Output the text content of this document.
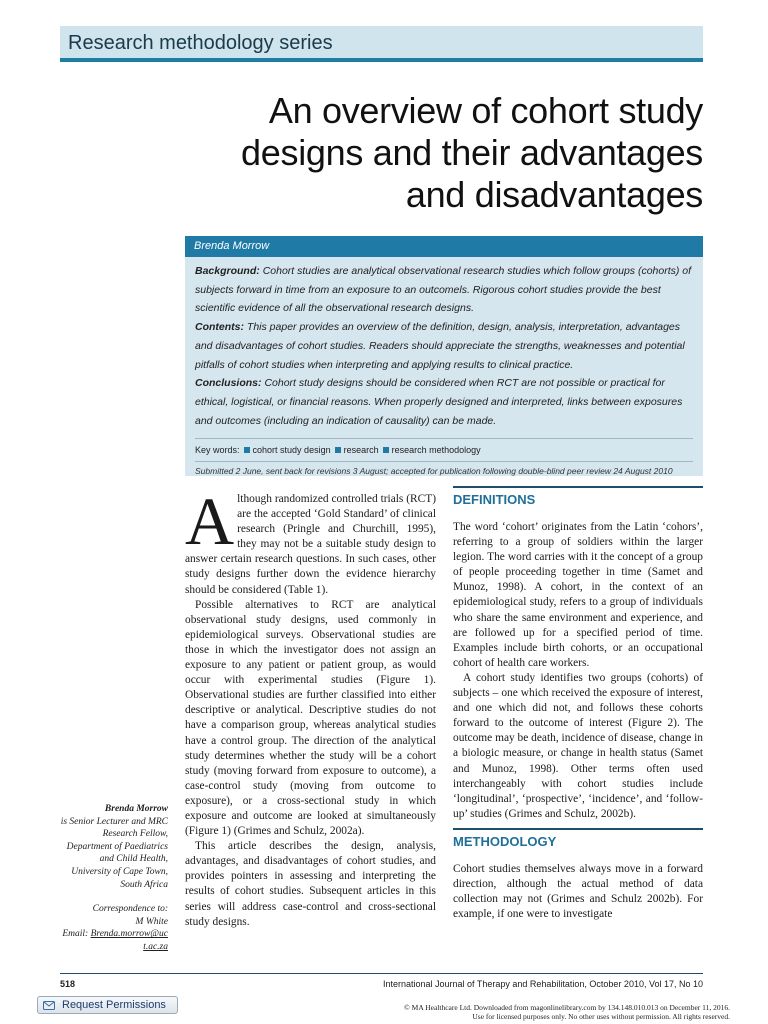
Research methodology series
An overview of cohort study
designs and their advantages
and disadvantages
Brenda Morrow
Background: Cohort studies are analytical observational research studies which follow groups (cohorts) of subjects forward in time from an exposure to an outcomels. Rigorous cohort studies provide the best scientific evidence of all the observational research designs.
Contents: This paper provides an overview of the definition, design, analysis, interpretation, advantages and disadvantages of cohort studies. Readers should appreciate the strengths, weaknesses and potential pitfalls of cohort studies when interpreting and applying results to clinical practice.
Conclusions: Cohort study designs should be considered when RCT are not possible or practical for ethical, logistical, or financial reasons. When properly designed and interpreted, links between exposures and outcomes (including an indication of causality) can be made.
Key words: cohort study design research research methodology
Submitted 2 June, sent back for revisions 3 August; accepted for publication following double-blind peer review 24 August 2010

Although randomized controlled trials (RCT) are the accepted ‘Gold Standard’ of clinical research (Pringle and Churchill, 1995), they may not be a suitable study design to answer certain research questions. In such cases, other study designs further down the evidence hierarchy should be considered (Table 1).

Possible alternatives to RCT are analytical observational study designs, used commonly in epidemiological surveys. Observational studies are those in which the investigator does not assign an exposure to any patient or patient group, as would occur with experimental studies (Figure 1). Observational studies are further classified into either descriptive or analytical. Descriptive studies do not have a comparison group, whereas analytical studies have a control group. The direction of the analytical study determines whether the study will be a cohort study (moving forward from exposure to outcome), a case-control study (moving from outcome to exposure), or a cross-sectional study in which exposure and outcome are looked at simultaneously (Figure 1) (Grimes and Schulz, 2002a).

This article describes the design, analysis, advantages, and disadvantages of cohort studies, and provides pointers in assessing and interpreting the results of cohort studies. Subsequent articles in this series will address case-control and cross-sectional study designs.

Brenda Morrow
is Senior Lecturer and MRC Research Fellow, Department of Paediatrics and Child Health, University of Cape Town, South Africa
Correspondence to:
M White
Email: Brenda.morrow@uct.ac.za
DEFINITIONS

The word ‘cohort’ originates from the Latin ‘cohors’, referring to a group of soldiers within the larger legion. The word carries with it the concept of a group of people proceeding together in time (Samet and Munoz, 1998). A cohort, in the context of an epidemiological study, refers to a group of individuals who share the same environment and experience, and are followed up for a specified period of time. Examples include birth cohorts, or an occupational cohort of health care workers.

A cohort study identifies two groups (cohorts) of subjects – one which received the exposure of interest, and one which did not, and follows these cohorts forward to the outcome of interest (Figure 2). The outcome may be death, incidence of disease, change in a biologic measure, or change in health status (Samet and Munoz, 1998). Other terms often used interchangeably with cohort studies include ‘longitudinal’, ‘prospective’, ‘incidence’, and ‘follow-up’ studies (Grimes and Schulz, 2002b).

METHODOLOGY

Cohort studies themselves always move in a forward direction, although the actual method of data collection may not (Grimes and Schulz 2002b). For example, if one were to investigate

518	International Journal of Therapy and Rehabilitation, October 2010, Vol 17, No 10
Request Permissions	© MA Healthcare Ltd. Downloaded from magonlinelibrary.com by 134.148.010.013 on December 11, 2016.
Use for licensed purposes only. No other uses without permission. All rights reserved.
